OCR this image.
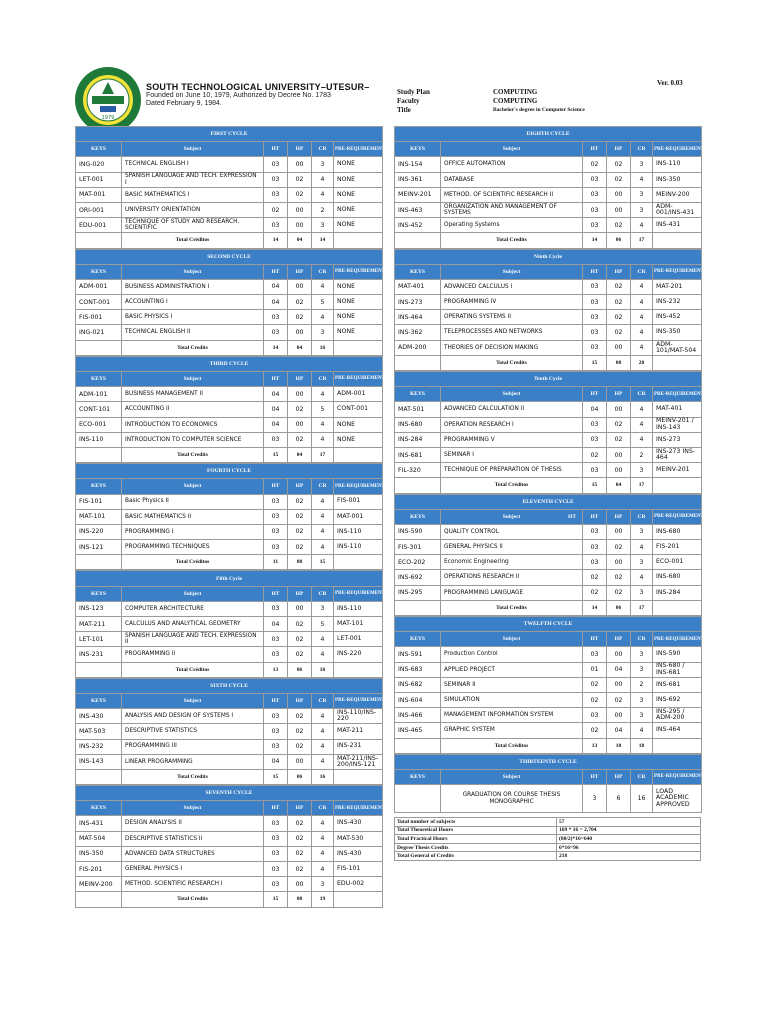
1979
SOUTH TECHNOLOGICAL UNIVERSITY–UTESUR–
Founded on June 10, 1979, Authorized by Decree No. 1783
Dated February 9, 1984.
Ver. 0.03
Study Plan	COMPUTING
Faculty	COMPUTING
Title	Bachelor's degree in Computer Science
FIRST CYCLE					
KEYS	Subject	HT	HP	CR	PRE-REQUIREMENTS
ING-020	TECHNICAL ENGLISH I	03	00	3	NONE
LET-001	SPANISH LANGUAGE AND TECH. EXPRESSION I	03	02	4	NONE
MAT-001	BASIC MATHEMATICS I	03	02	4	NONE
ORI-001	UNIVERSITY ORIENTATION	02	00	2	NONE
EDU-001	TECHNIQUE OF STUDY AND RESEARCH. SCIENTIFIC	03	00	3	NONE
	Total Créditos	14	04	14	
SECOND CYCLE					
KEYS	Subject	HT	HP	CR	PRE-REQUIREMENTS
ADM-001	BUSINESS ADMINISTRATION I	04	00	4	NONE
CONT-001	ACCOUNTING I	04	02	5	NONE
FIS-001	BASIC PHYSICS I	03	02	4	NONE
ING-021	TECHNICAL ENGLISH II	03	00	3	NONE
	Total Credits	14	04	16	
THIRD CYCLE					
KEYS	Subject	HT	HP	CR	PRE-REQUIREMENTS
ADM-101	BUSINESS MANAGEMENT II	04	00	4	ADM-001
CONT-101	ACCOUNTING II	04	02	5	CONT-001
ECO-001	INTRODUCTION TO ECONOMICS	04	00	4	NONE
INS-110	INTRODUCTION TO COMPUTER SCIENCE	03	02	4	NONE
	Total Credits	15	04	17	
FOURTH CYCLE					
KEYS	Subject	HT	HP	CR	PRE-REQUIREMENTS
FIS-101	Basic Physics II	03	02	4	FIS-001
MAT-101	BASIC MATHEMATICS II	03	02	4	MAT-001
INS-220	PROGRAMMING I	03	02	4	INS-110
INS-121	PROGRAMMING TECHNIQUES	03	02	4	INS-110
	Total Créditos	11	08	15	
Fifth Cycle					
KEYS	Subject	HT	HP	CR	PRE-REQUIREMENTS
INS-123	COMPUTER ARCHITECTURE	03	00	3	INS-110
MAT-211	CALCULUS AND ANALYTICAL GEOMETRY	04	02	5	MAT-101
LET-101	SPANISH LANGUAGE AND TECH. EXPRESSION II	03	02	4	LET-001
INS-231	PROGRAMMING II	03	02	4	INS-220
	Total Créditos	13	06	16	
SIXTH CYCLE					
KEYS	Subject	HT	HP	CR	PRE-REQUIREMENTS
INS-430	ANALYSIS AND DESIGN OF SYSTEMS I	03	02	4	INS-110/INS-220
MAT-503	DESCRIPTIVE STATISTICS	03	02	4	MAT-211
INS-232	PROGRAMMING III	03	02	4	INS-231
INS-143	LINEAR PROGRAMMING	04	00	4	MAT-211/INS-200/INS-121
	Total Credits	15	06	16	
SEVENTH CYCLE					
KEYS	Subject	HT	HP	CR	PRE-REQUIREMENTS
INS-431	DESIGN ANALYSIS II	03	02	4	INS-430
MAT-504	DESCRIPTIVE STATISTICS II	03	02	4	MAT-530
INS-350	ADVANCED DATA STRUCTURES	03	02	4	INS-430
FIS-201	GENERAL PHYSICS I	03	02	4	FIS-101
MEINV-200	METHOD. SCIENTIFIC RESEARCH I	03	00	3	EDU-002
	Total Credits	15	08	19	
EIGHTH CYCLE					
KEYS	Subject	HT	HP	CR	PRE-REQUIREMENTS
INS-154	OFFICE AUTOMATION	02	02	3	INS-110
INS-361	DATABASE	03	02	4	INS-350
MEINV-201	METHOD. OF SCIENTIFIC RESEARCH II	03	00	3	MEINV-200
INS-463	ORGANIZATION AND MANAGEMENT OF SYSTEMS	03	00	3	ADM-001/INS-431
INS-452	Operating Systems	03	02	4	INS-431
	Total Credits	14	06	17	
Ninth Cycle					
KEYS	Subject	HT	HP	CR	PRE-REQUIREMENTS
MAT-401	ADVANCED CALCULUS I	03	02	4	MAT-201
INS-273	PROGRAMMING IV	03	02	4	INS-232
INS-464	OPERATING SYSTEMS II	03	02	4	INS-452
INS-362	TELEPROCESSES AND NETWORKS	03	02	4	INS-350
ADM-200	THEORIES OF DECISION MAKING	03	00	4	ADM-101/MAT-504
	Total Credits	15	08	20	
Tenth Cycle					
KEYS	Subject	HT	HP	CR	PRE-REQUIREMENTS
MAT-501	ADVANCED CALCULATION II	04	00	4	MAT-401
INS-680	OPERATION RESEARCH I	03	02	4	MEINV-201 / INS-143
INS-284	PROGRAMMING V	03	02	4	INS-273
INS-681	SEMINAR I	02	00	2	INS-273 INS-464
FIL-320	TECHNIQUE OF PREPARATION OF THESIS	03	00	3	MEINV-201
	Total Créditos	15	04	17	
ELEVENTH CYCLE					
KEYS	Subject HT	HT	HP	CR	PRE-REQUIREMENTS
INS-590	QUALITY CONTROL	03	00	3	INS-680
FIS-301	GENERAL PHYSICS II	03	02	4	FIS-201
ECO-202	Economic Engineering	03	00	3	ECO-001
INS-692	OPERATIONS RESEARCH II	02	02	4	INS-680
INS-295	PROGRAMMING LANGUAGE	02	02	3	INS-284
	Total Credits	14	06	17	
TWELFTH CYCLE					
KEYS	Subject	HT	HP	CR	PRE-REQUIREMENTS
INS-591	Production Control	03	00	3	INS-590
INS-683	APPLIED PROJECT	01	04	3	INS-680 / INS-681
INS-682	SEMINAR II	02	00	2	INS-681
INS-604	SIMULATION	02	02	3	INS-692
INS-466	MANAGEMENT INFORMATION SYSTEM	03	00	3	INS-295 / ADM-200
INS-465	GRAPHIC SYSTEM	02	04	4	INS-464
	Total Créditos	13	10	18	
THIRTEENTH CYCLE					
KEYS	Subject	HT	HP	CR	PRE-REQUIREMENTS
	GRADUATION OR COURSE THESIS MONOGRAPHIC	3	6	16	LOAD ACADEMIC APPROVED
Total number of subjects	57
Total Theoretical Hours	169 * 16 = 2,704
Total Practical Hours	(80/2)*16=640
Degree Thesis Credits	6*16=96
Total General of Credits	218
